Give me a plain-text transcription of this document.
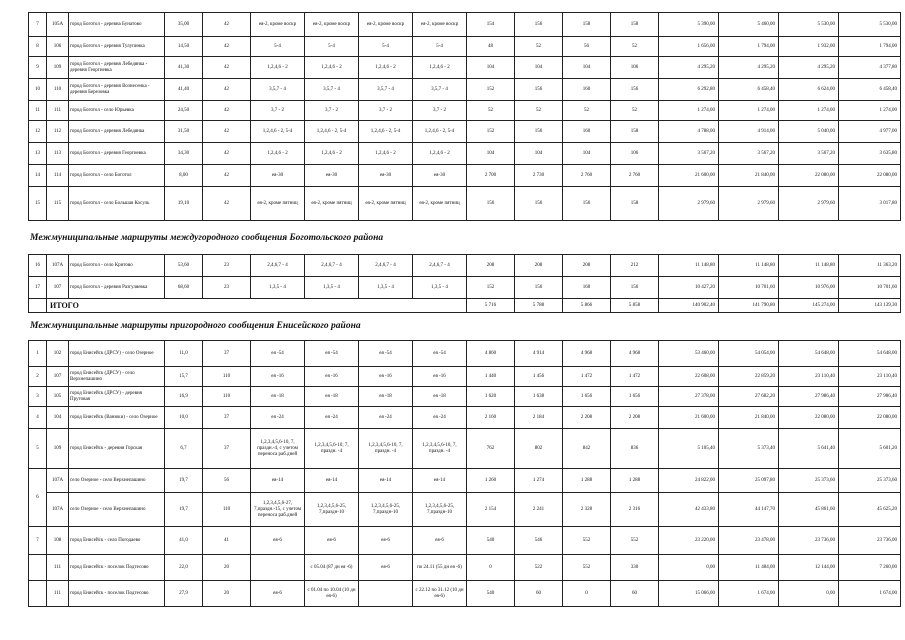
7	105А	город Боготол - деревна Бунатово	35,00	42	ея-2, кроме воскр	ея-2, кроме воскр	ея-2, кроме воскр	ея-2, кроме воскр	154	156	158	158	5 390,00	5 460,00	5 530,00	5 530,00
8	106	город Боготол - деревня Тулупинка	14,50	42	5-4	5-4	5-4	5-4	48	52	56	52	1 656,00	1 794,00	1 932,00	1 794,00
9	109	город Боготол - деревня Лебедянка - деревня Георгиевка	41,30	42	1,2,4,6 - 2	1,2,4,6 - 2	1,2,4,6 - 2	1,2,4,6 - 2	104	104	104	106	4 295,20	4 295,20	4 295,20	4 377,80
10	110	город Боготол - деревня Вознесенка - деревня Березовка	41,40	42	3,5,7 - 4	3,5,7 - 4	3,5,7 - 4	3,5,7 - 4	152	156	160	156	6 292,80	6 458,40	6 624,00	6 458,40
11	111	город Боготол - село Юрьевка	24,50	42	3,7 - 2	3,7 - 2	3,7 - 2	3,7 - 2	52	52	52	52	1 274,00	1 274,00	1 274,00	1 274,00
12	112	город Боготол - деревня Лебедянка	31,50	42	1,2,4,6 - 2, 5-4	1,2,4,6 - 2, 5-4	1,2,4,6 - 2, 5-4	1,2,4,6 - 2, 5-4	152	156	160	158	4 788,00	4 914,00	5 040,00	4 977,00
13	113	город Боготол - деревня Георгиевка	34,30	42	1,2,4,6 - 2	1,2,4,6 - 2	1,2,4,6 - 2	1,2,4,6 - 2	104	104	104	106	3 567,20	3 567,20	3 567,20	3 635,80
14	114	город Боготол - село Боготол	8,00	42	ея-30	ея-30	ея-30	ея-30	2 700	2 730	2 760	2 760	21 600,00	21 840,00	22 080,00	22 080,00
15	115	город Боготол - село Большая Косуль	19,10	42	ея-2, кроме пятниц	ея-2, кроме пятниц	ея-2, кроме пятниц	ея-2, кроме пятниц	156	156	156	158	2 979,60	2 979,60	2 979,60	3 017,80
Межмуниципальные маршруты междугородного сообщения Боготольского района
16	107А	город Боготол - село Критово	53,60	23	2,4,6,7 - 4	2,4,6,7 - 4	2,4,6,7 - 4	2,4,6,7 - 4	208	208	208	212	11 148,80	11 148,80	11 148,80	11 363,20
17	107	город Боготол - деревня Разгуляевка	68,60	23	1,3,5 - 4	1,3,5 - 4	1,3,5 - 4	1,3,5 - 4	152	156	160	156	10 427,20	10 701,60	10 976,00	10 701,60
	ИТОГО								5 716	5 788	5 866	5 858	140 902,40	141 790,80	145 274,00	143 139,30
Межмуниципальные маршруты пригородного сообщения Енисейского района
1	102	город Енисейск (ДРСУ) - село Озерное	11,0	37	ея -54	ея -54	ея -54	ея -54	4 860	4 914	4 968	4 968	53 460,00	54 054,00	54 648,00	54 648,00
2	107	город Енисейск (ДРСУ) - село Верхнепашино	15,7	110	ея -16	ея -16	ея -16	ея -16	1 440	1 456	1 472	1 472	22 608,00	22 859,20	23 110,40	23 110,40
3	105	город Енисейск (ДРСУ) - деревня Прутовая	16,9	110	ея -18	ея -18	ея -18	ея -18	1 620	1 638	1 656	1 656	27 378,00	27 682,20	27 986,40	27 986,40
4	104	город Енисейск (Ванюки) - село Озерное	10,0	37	ея -24	ея -24	ея -24	ея -24	2 160	2 184	2 208	2 208	21 600,00	21 840,00	22 080,00	22 080,00
5	109	город Енисейск - деревня Горская	6,7	37	1,2,3,4,5,6-10, 7, праздн.-4, с учетом переноса раб.дней	1,2,3,4,5,6-10, 7, праздн. -4	1,2,3,4,5,6-10, 7, праздн. -4	1,2,3,4,5,6-10, 7, праздн. -4	762	802	842	836	5 105,40	5 373,40	5 641,40	5 601,20
6	107А	село Озерное - село Верхнепашино	19,7	56	ея-14	ея-14	ея-14	ея-14	1 260	1 274	1 288	1 288	24 822,00	25 097,80	25 373,60	25 373,60
	107А	село Озерное - село Верхнепашино	19,7	110	1,2,3,4,5,6-27, 7,праздн.-15, с учетом переноса раб.дней	1,2,3,4,5,6-25, 7,праздн-10	1,2,3,4,5,6-25, 7,праздн-10	1,2,3,4,5,6-25, 7,праздн-10	2 154	2 241	2 328	2 316	42 433,80	44 147,70	45 861,60	45 625,20
7	108	город Енисейск - село Погодаево	41,0	41	ея-6	ея-6	ея-6	ея-6	540	546	552	552	23 220,00	23 478,00	23 736,00	23 736,00
	111	город Енисейск - поселок Подтесово	22,0	20		с 05.04 (87 дн ея -6)	ея-6	по 24.11 (55 дн ея -6)	0	522	552	330	0,00	11 484,00	12 144,00	7 260,00
	111	город Енисейск - поселок Подтесово	27,9	20	ея-6	с 01.04 по 10.04 (10 дн ея-6)		с 22.12 по 31.12 (10 дн ея-6)	540	60	0	60	15 066,00	1 674,00	0,00	1 674,00
